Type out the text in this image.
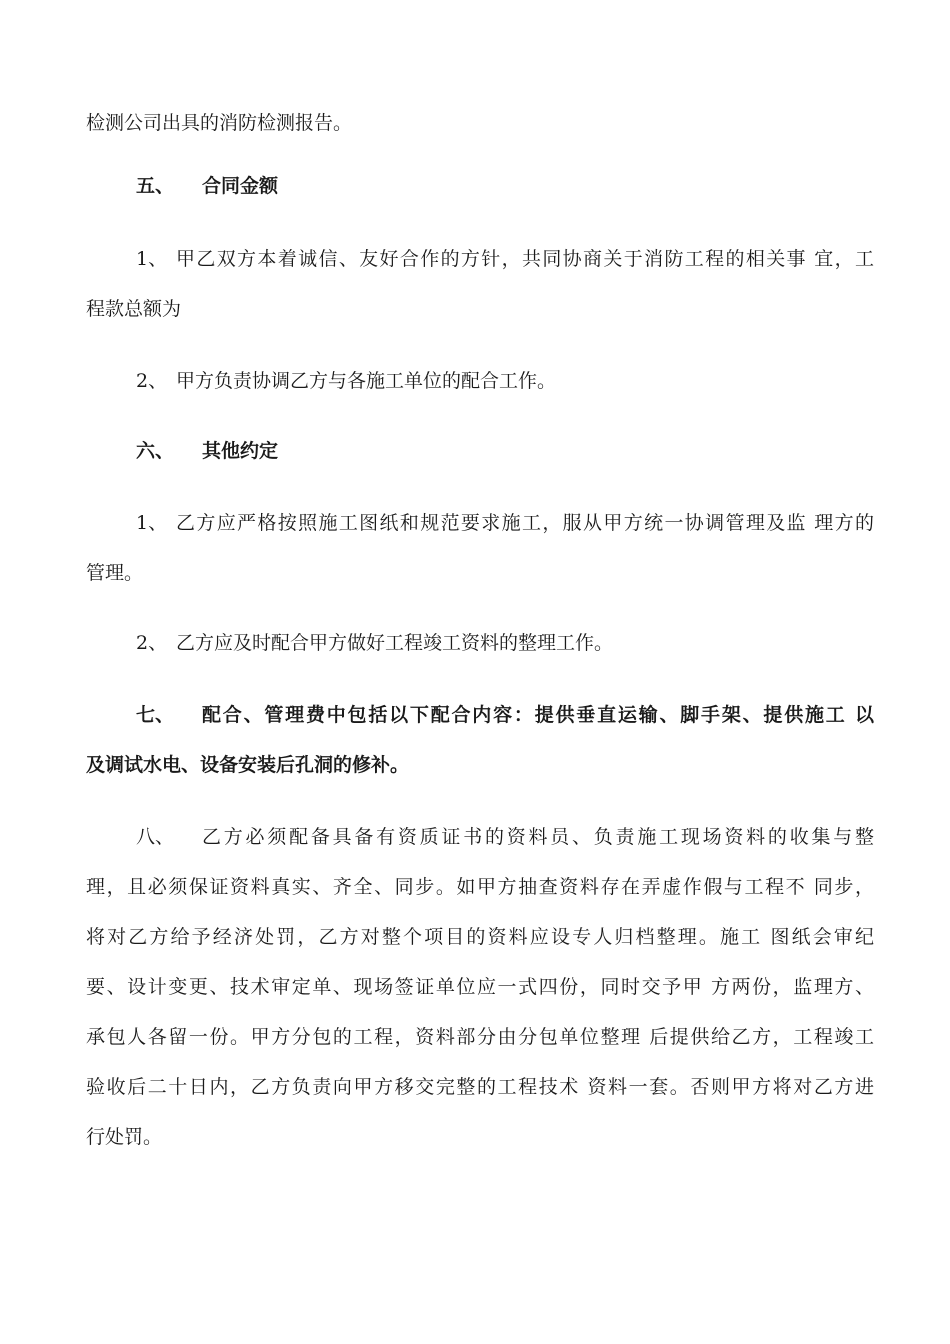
检测公司出具的消防检测报告。
五、 合同金额
1、 甲乙双方本着诚信、友好合作的方针，共同协商关于消防工程的相关事 宜，工
程款总额为
2、 甲方负责协调乙方与各施工单位的配合工作。
六、 其他约定
1、 乙方应严格按照施工图纸和规范要求施工，服从甲方统一协调管理及监 理方的
管理。
2、 乙方应及时配合甲方做好工程竣工资料的整理工作。
七、 配合、管理费中包括以下配合内容：提供垂直运输、脚手架、提供施工 以
及调试水电、设备安装后孔洞的修补。
八、 乙方必须配备具备有资质证书的资料员、负责施工现场资料的收集与整
理，且必须保证资料真实、齐全、同步。如甲方抽查资料存在弄虚作假与工程不 同步，
将对乙方给予经济处罚，乙方对整个项目的资料应设专人归档整理。施工 图纸会审纪
要、设计变更、技术审定单、现场签证单位应一式四份，同时交予甲 方两份，监理方、
承包人各留一份。甲方分包的工程，资料部分由分包单位整理 后提供给乙方，工程竣工
验收后二十日内，乙方负责向甲方移交完整的工程技术 资料一套。否则甲方将对乙方进
行处罚。
